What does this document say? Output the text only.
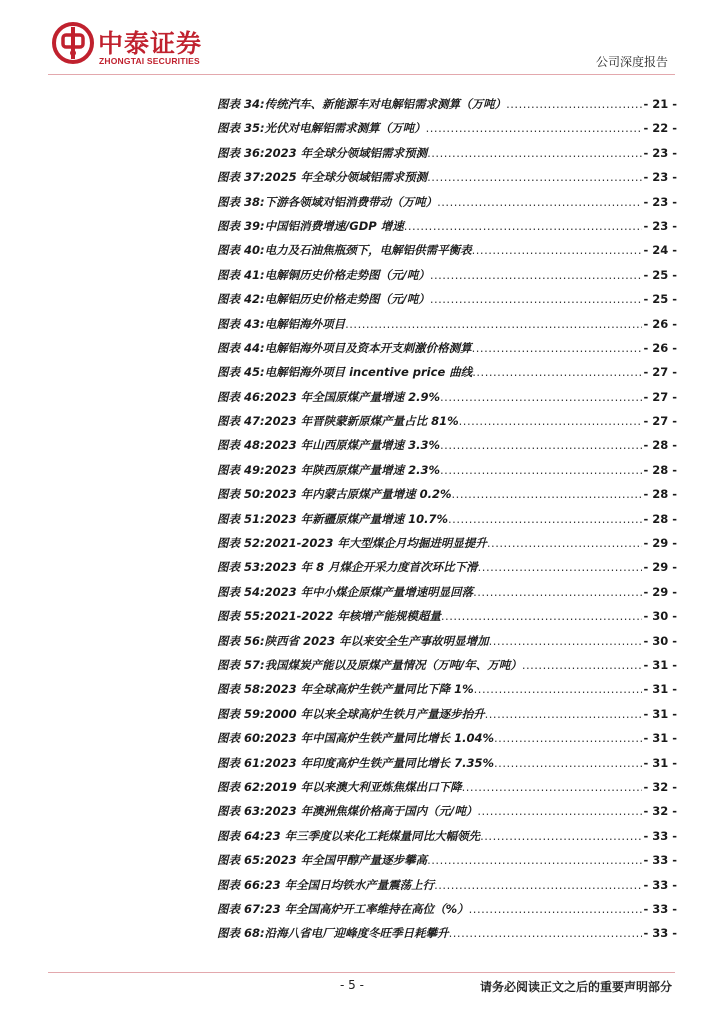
中泰证券
ZHONGTAI SECURITIES	公司深度报告
图表 34: 传统汽车、新能源车对电解铝需求测算（万吨） .....	- 21 -
图表 35: 光伏对电解铝需求测算（万吨） .....	- 22 -
图表 36: 2023 年全球分领域铝需求预测 .....	- 23 -
图表 37: 2025 年全球分领域铝需求预测 .....	- 23 -
图表 38: 下游各领域对铝消费带动（万吨） .....	- 23 -
图表 39: 中国铝消费增速/GDP 增速 .....	- 23 -
图表 40: 电力及石油焦瓶颈下，电解铝供需平衡表 .....	- 24 -
图表 41: 电解铜历史价格走势图（元/吨） .....	- 25 -
图表 42: 电解铝历史价格走势图（元/吨） .....	- 25 -
图表 43: 电解铝海外项目 .....	- 26 -
图表 44: 电解铝海外项目及资本开支刺激价格测算 .....	- 26 -
图表 45: 电解铝海外项目 incentive price 曲线 .....	- 27 -
图表 46: 2023 年全国原煤产量增速 2.9% .....	- 27 -
图表 47: 2023 年晋陕蒙新原煤产量占比 81% .....	- 27 -
图表 48: 2023 年山西原煤产量增速 3.3% .....	- 28 -
图表 49: 2023 年陕西原煤产量增速 2.3% .....	- 28 -
图表 50: 2023 年内蒙古原煤产量增速 0.2% .....	- 28 -
图表 51: 2023 年新疆原煤产量增速 10.7% .....	- 28 -
图表 52: 2021-2023 年大型煤企月均掘进明显提升 .....	- 29 -
图表 53: 2023 年 8 月煤企开采力度首次环比下滑 .....	- 29 -
图表 54: 2023 年中小煤企原煤产量增速明显回落 .....	- 29 -
图表 55: 2021-2022 年核增产能规模超量 .....	- 30 -
图表 56: 陕西省 2023 年以来安全生产事故明显增加 .....	- 30 -
图表 57: 我国煤炭产能以及原煤产量情况（万吨/年、万吨） .....	- 31 -
图表 58: 2023 年全球高炉生铁产量同比下降 1% .....	- 31 -
图表 59: 2000 年以来全球高炉生铁月产量逐步抬升 .....	- 31 -
图表 60: 2023 年中国高炉生铁产量同比增长 1.04% .....	- 31 -
图表 61: 2023 年印度高炉生铁产量同比增长 7.35% .....	- 31 -
图表 62: 2019 年以来澳大利亚炼焦煤出口下降 .....	- 32 -
图表 63: 2023 年澳洲焦煤价格高于国内（元/吨） .....	- 32 -
图表 64: 23 年三季度以来化工耗煤量同比大幅领先 .....	- 33 -
图表 65: 2023 年全国甲醇产量逐步攀高 .....	- 33 -
图表 66: 23 年全国日均铁水产量震荡上行 .....	- 33 -
图表 67: 23 年全国高炉开工率维持在高位（%） .....	- 33 -
图表 68: 沿海八省电厂迎峰度冬旺季日耗攀升 .....	- 33 -
- 5 -	请务必阅读正文之后的重要声明部分
